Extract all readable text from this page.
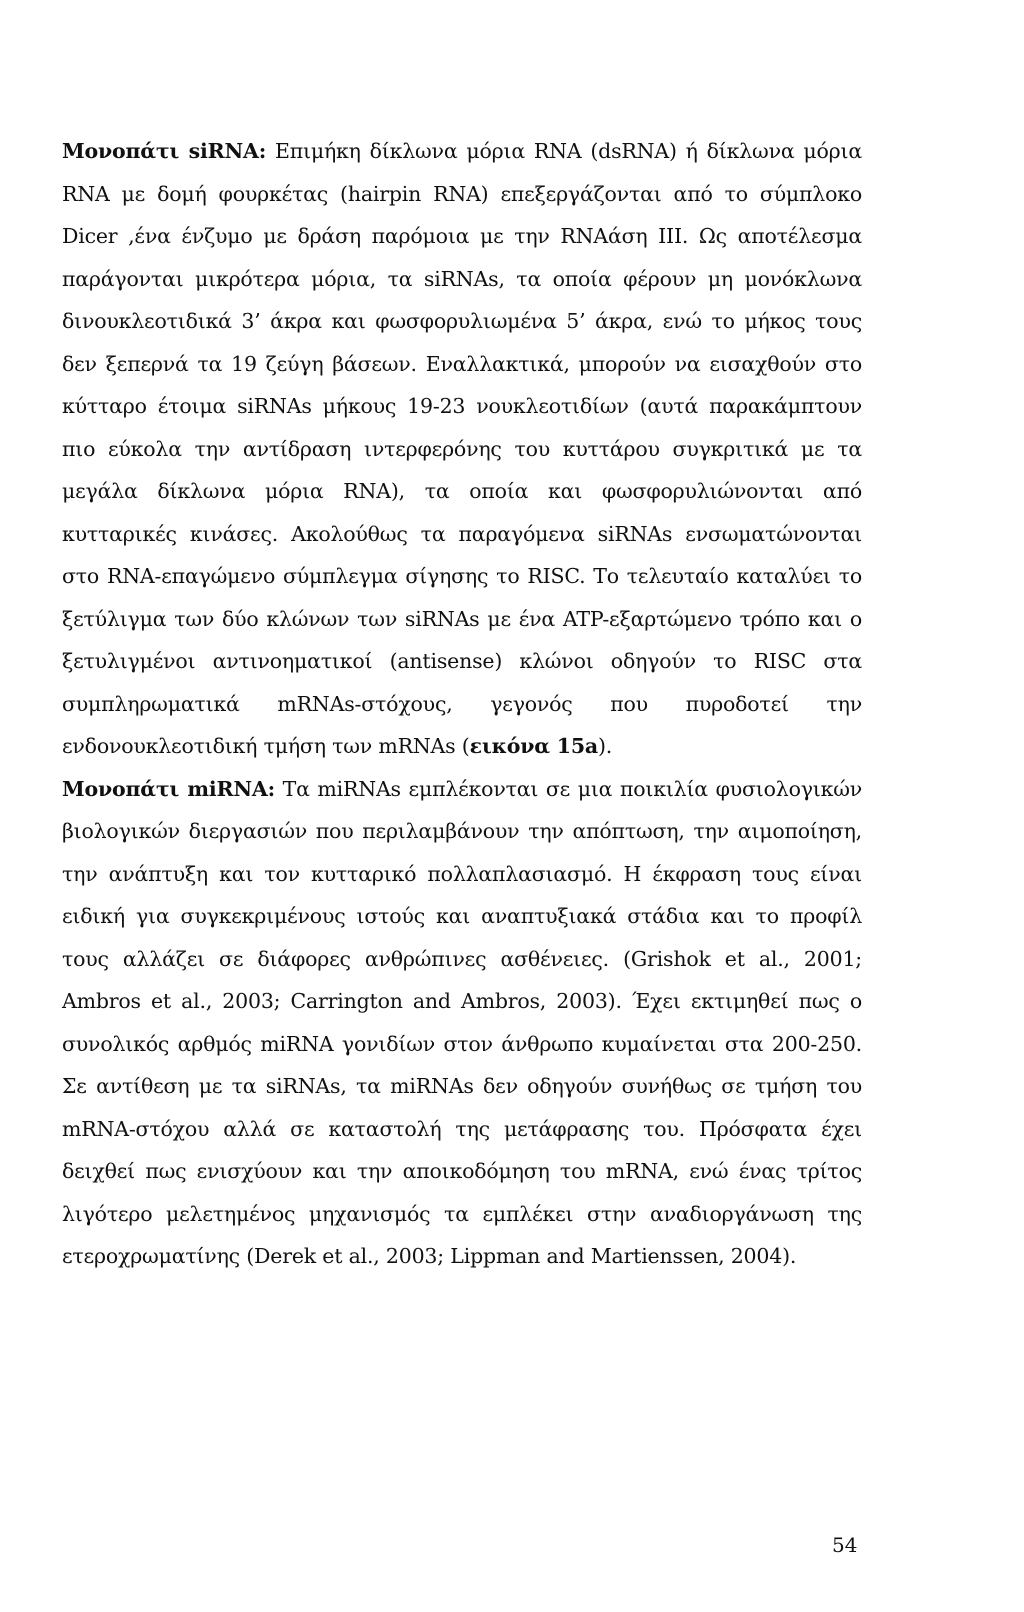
Μονοπάτι siRNA: Επιμήκη δίκλωνα μόρια RNA (dsRNA) ή δίκλωνα μόρια RNA με δομή φουρκέτας (hairpin RNA) επεξεργάζονται από το σύμπλοκο Dicer ,ένα ένζυμο με δράση παρόμοια με την RNAάση III. Ως αποτέλεσμα παράγονται μικρότερα μόρια, τα siRNAs, τα οποία φέρουν μη μονόκλωνα δινουκλεοτιδικά 3’ άκρα και φωσφορυλιωμένα 5’ άκρα, ενώ το μήκος τους δεν ξεπερνά τα 19 ζεύγη βάσεων. Εναλλακτικά, μπορούν να εισαχθούν στο κύτταρο έτοιμα siRNAs μήκους 19-23 νουκλεοτιδίων (αυτά παρακάμπτουν πιο εύκολα την αντίδραση ιντερφερόνης του κυττάρου συγκριτικά με τα μεγάλα δίκλωνα μόρια RNA), τα οποία και φωσφορυλιώνονται από κυτταρικές κινάσες. Ακολούθως τα παραγόμενα siRNAs ενσωματώνονται στο RNA-επαγώμενο σύμπλεγμα σίγησης το RISC. Το τελευταίο καταλύει το ξετύλιγμα των δύο κλώνων των siRNAs με ένα ATP-εξαρτώμενο τρόπο και ο ξετυλιγμένοι αντινοηματικοί (antisense) κλώνοι οδηγούν το RISC στα συμπληρωματικά mRNAs-στόχους, γεγονός που πυροδοτεί την ενδονουκλεοτιδική τμήση των mRNAs (εικόνα 15a).

Μονοπάτι miRNA: Τα miRNAs εμπλέκονται σε μια ποικιλία φυσιολογικών βιολογικών διεργασιών που περιλαμβάνουν την απόπτωση, την αιμοποίηση, την ανάπτυξη και τον κυτταρικό πολλαπλασιασμό. Η έκφραση τους είναι ειδική για συγκεκριμένους ιστούς και αναπτυξιακά στάδια και το προφίλ τους αλλάζει σε διάφορες ανθρώπινες ασθένειες. (Grishok et al., 2001; Ambros et al., 2003; Carrington and Ambros, 2003). Έχει εκτιμηθεί πως ο συνολικός αρθμός miRNA γονιδίων στον άνθρωπο κυμαίνεται στα 200-250. Σε αντίθεση με τα siRNAs, τα miRNAs δεν οδηγούν συνήθως σε τμήση του mRNA-στόχου αλλά σε καταστολή της μετάφρασης του. Πρόσφατα έχει δειχθεί πως ενισχύουν και την αποικοδόμηση του mRNA, ενώ ένας τρίτος λιγότερο μελετημένος μηχανισμός τα εμπλέκει στην αναδιοργάνωση της ετεροχρωματίνης (Derek et al., 2003; Lippman and Martienssen, 2004).

54
